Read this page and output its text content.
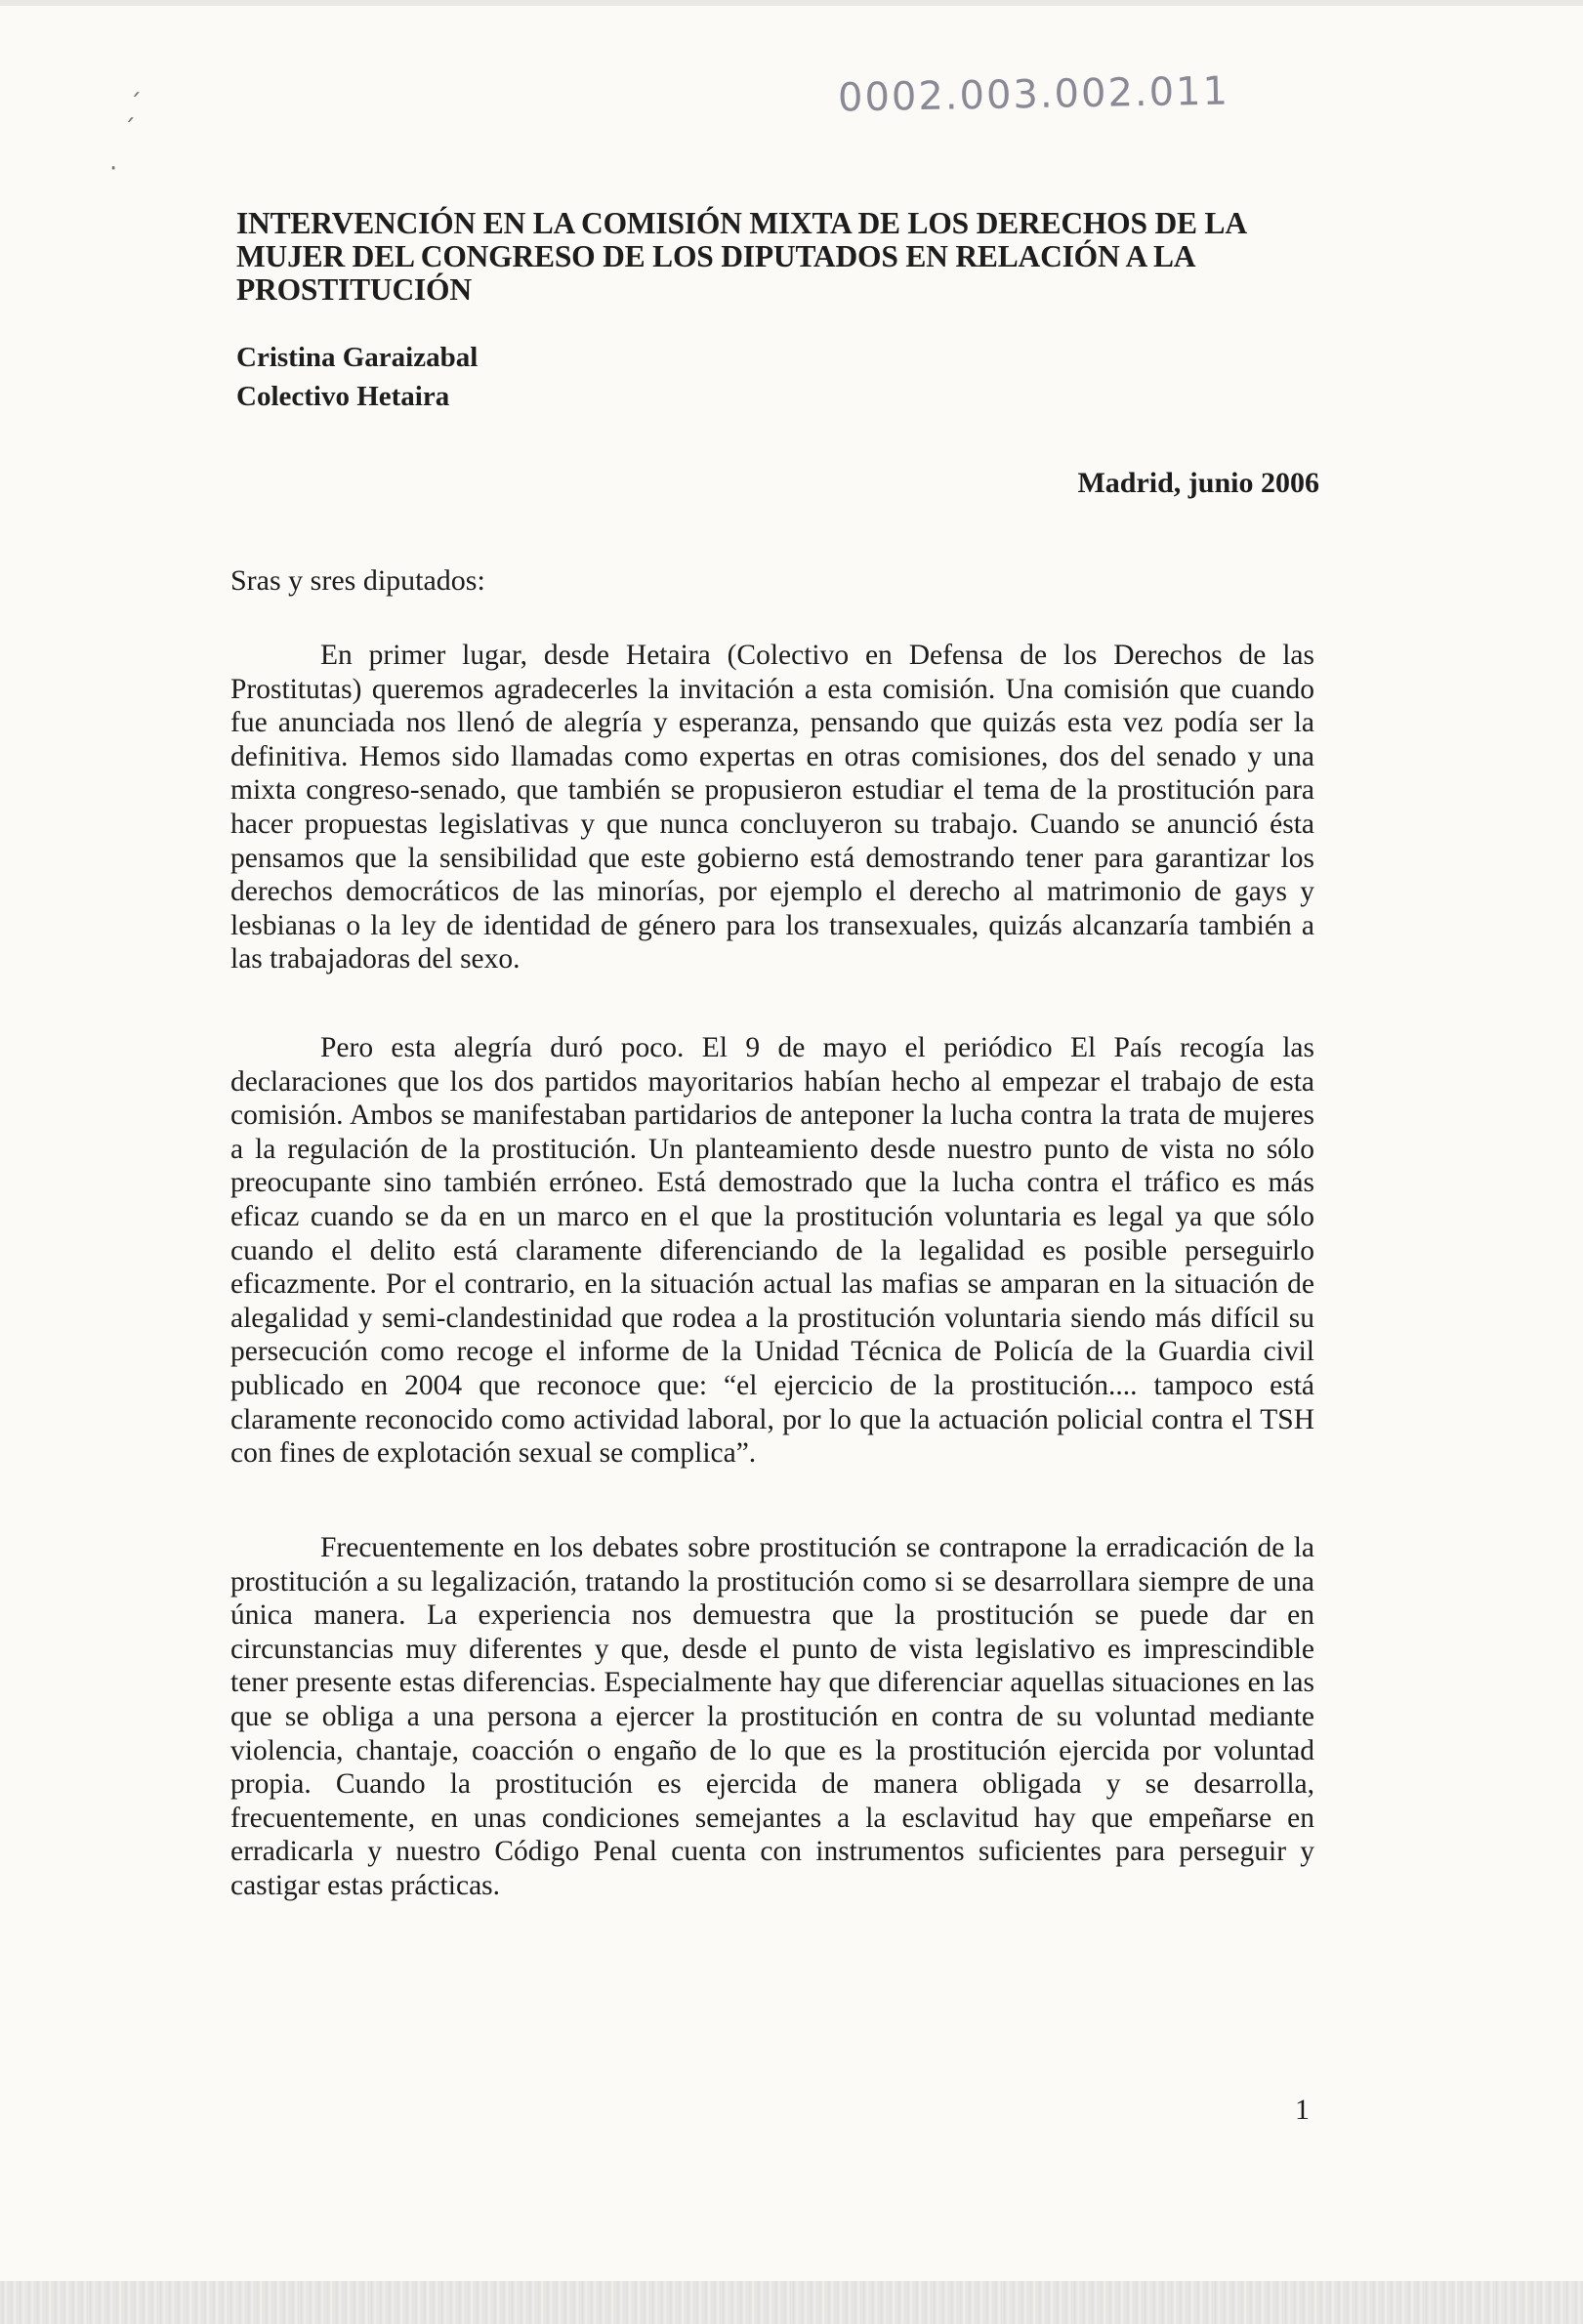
0002.003.002.011
ˊ
ˊ
·
INTERVENCIÓN EN LA COMISIÓN MIXTA DE LOS DERECHOS DE LA MUJER DEL CONGRESO DE LOS DIPUTADOS EN RELACIÓN A LA PROSTITUCIÓN
Cristina Garaizabal
Colectivo Hetaira
Madrid, junio 2006
Sras y sres diputados:

En primer lugar, desde Hetaira (Colectivo en Defensa de los Derechos de las Prostitutas) queremos agradecerles la invitación a esta comisión. Una comisión que cuando fue anunciada nos llenó de alegría y esperanza, pensando que quizás esta vez podía ser la definitiva. Hemos sido llamadas como expertas en otras comisiones, dos del senado y una mixta congreso-senado, que también se propusieron estudiar el tema de la prostitución para hacer propuestas legislativas y que nunca concluyeron su trabajo. Cuando se anunció ésta pensamos que la sensibilidad que este gobierno está demostrando tener para garantizar los derechos democráticos de las minorías, por ejemplo el derecho al matrimonio de gays y lesbianas o la ley de identidad de género para los transexuales, quizás alcanzaría también a las trabajadoras del sexo.

Pero esta alegría duró poco. El 9 de mayo el periódico El País recogía las declaraciones que los dos partidos mayoritarios habían hecho al empezar el trabajo de esta comisión. Ambos se manifestaban partidarios de anteponer la lucha contra la trata de mujeres a la regulación de la prostitución. Un planteamiento desde nuestro punto de vista no sólo preocupante sino también erróneo. Está demostrado que la lucha contra el tráfico es más eficaz cuando se da en un marco en el que la prostitución voluntaria es legal ya que sólo cuando el delito está claramente diferenciando de la legalidad es posible perseguirlo eficazmente. Por el contrario, en la situación actual las mafias se amparan en la situación de alegalidad y semi-clandestinidad que rodea a la prostitución voluntaria siendo más difícil su persecución como recoge el informe de la Unidad Técnica de Policía de la Guardia civil publicado en 2004 que reconoce que: “el ejercicio de la prostitución.... tampoco está claramente reconocido como actividad laboral, por lo que la actuación policial contra el TSH con fines de explotación sexual se complica”.

Frecuentemente en los debates sobre prostitución se contrapone la erradicación de la prostitución a su legalización, tratando la prostitución como si se desarrollara siempre de una única manera. La experiencia nos demuestra que la prostitución se puede dar en circunstancias muy diferentes y que, desde el punto de vista legislativo es imprescindible tener presente estas diferencias. Especialmente hay que diferenciar aquellas situaciones en las que se obliga a una persona a ejercer la prostitución en contra de su voluntad mediante violencia, chantaje, coacción o engaño de lo que es la prostitución ejercida por voluntad propia. Cuando la prostitución es ejercida de manera obligada y se desarrolla, frecuentemente, en unas condiciones semejantes a la esclavitud hay que empeñarse en erradicarla y nuestro Código Penal cuenta con instrumentos suficientes para perseguir y castigar estas prácticas.

1
